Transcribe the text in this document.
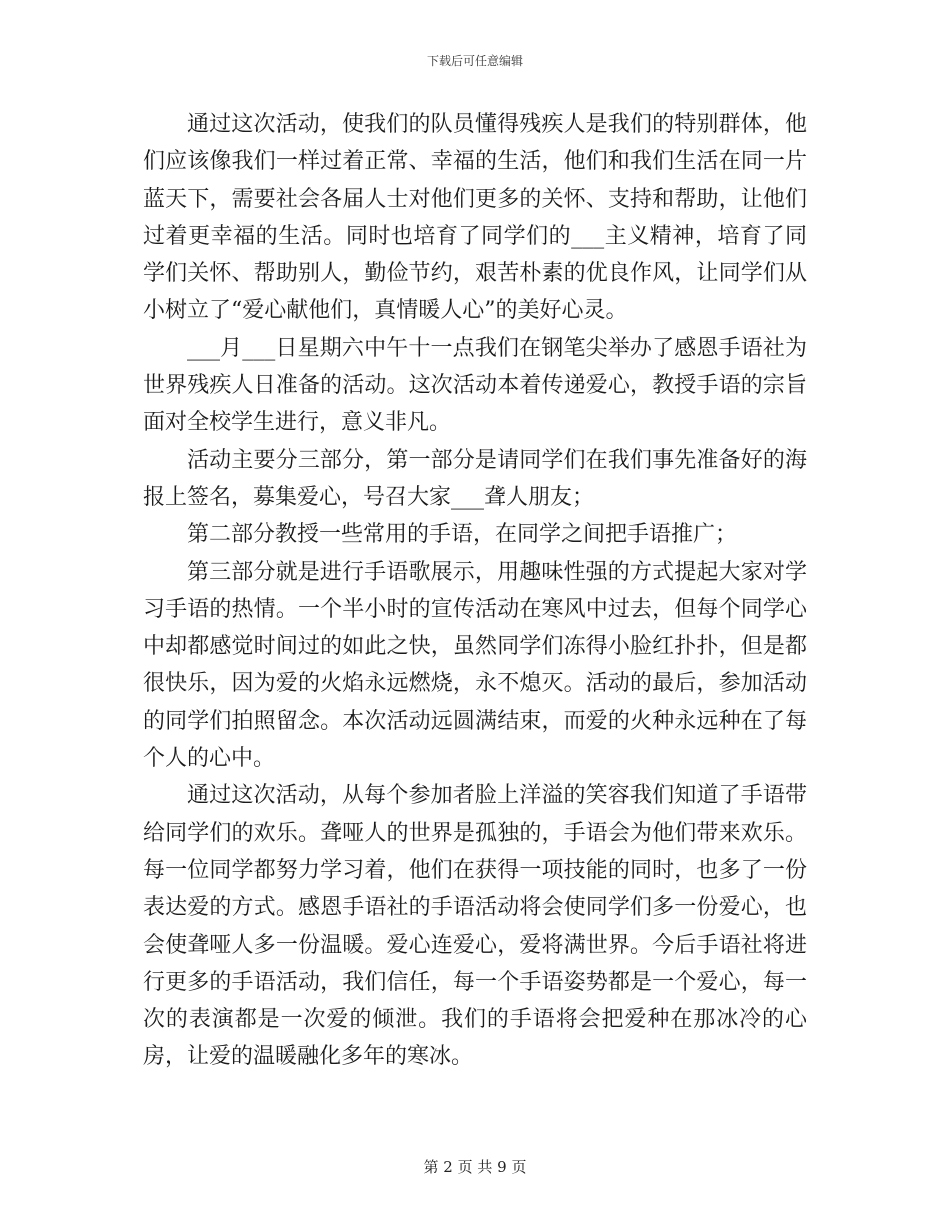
下载后可任意编辑

通过这次活动，使我们的队员懂得残疾人是我们的特别群体，他们应该像我们一样过着正常、幸福的生活，他们和我们生活在同一片蓝天下，需要社会各届人士对他们更多的关怀、支持和帮助，让他们过着更幸福的生活。同时也培育了同学们的___主义精神，培育了同学们关怀、帮助别人，勤俭节约，艰苦朴素的优良作风，让同学们从小树立了“爱心献他们，真情暖人心”的美好心灵。

___月___日星期六中午十一点我们在钢笔尖举办了感恩手语社为世界残疾人日准备的活动。这次活动本着传递爱心，教授手语的宗旨面对全校学生进行，意义非凡。

活动主要分三部分，第一部分是请同学们在我们事先准备好的海报上签名，募集爱心，号召大家___聋人朋友；

第二部分教授一些常用的手语，在同学之间把手语推广；

第三部分就是进行手语歌展示，用趣味性强的方式提起大家对学习手语的热情。一个半小时的宣传活动在寒风中过去，但每个同学心中却都感觉时间过的如此之快，虽然同学们冻得小脸红扑扑，但是都很快乐，因为爱的火焰永远燃烧，永不熄灭。活动的最后，参加活动的同学们拍照留念。本次活动远圆满结束，而爱的火种永远种在了每个人的心中。

通过这次活动，从每个参加者脸上洋溢的笑容我们知道了手语带给同学们的欢乐。聋哑人的世界是孤独的，手语会为他们带来欢乐。每一位同学都努力学习着，他们在获得一项技能的同时，也多了一份表达爱的方式。感恩手语社的手语活动将会使同学们多一份爱心，也会使聋哑人多一份温暖。爱心连爱心，爱将满世界。今后手语社将进行更多的手语活动，我们信任，每一个手语姿势都是一个爱心，每一次的表演都是一次爱的倾泄。我们的手语将会把爱种在那冰冷的心房，让爱的温暖融化多年的寒冰。

第 2 页 共 9 页
